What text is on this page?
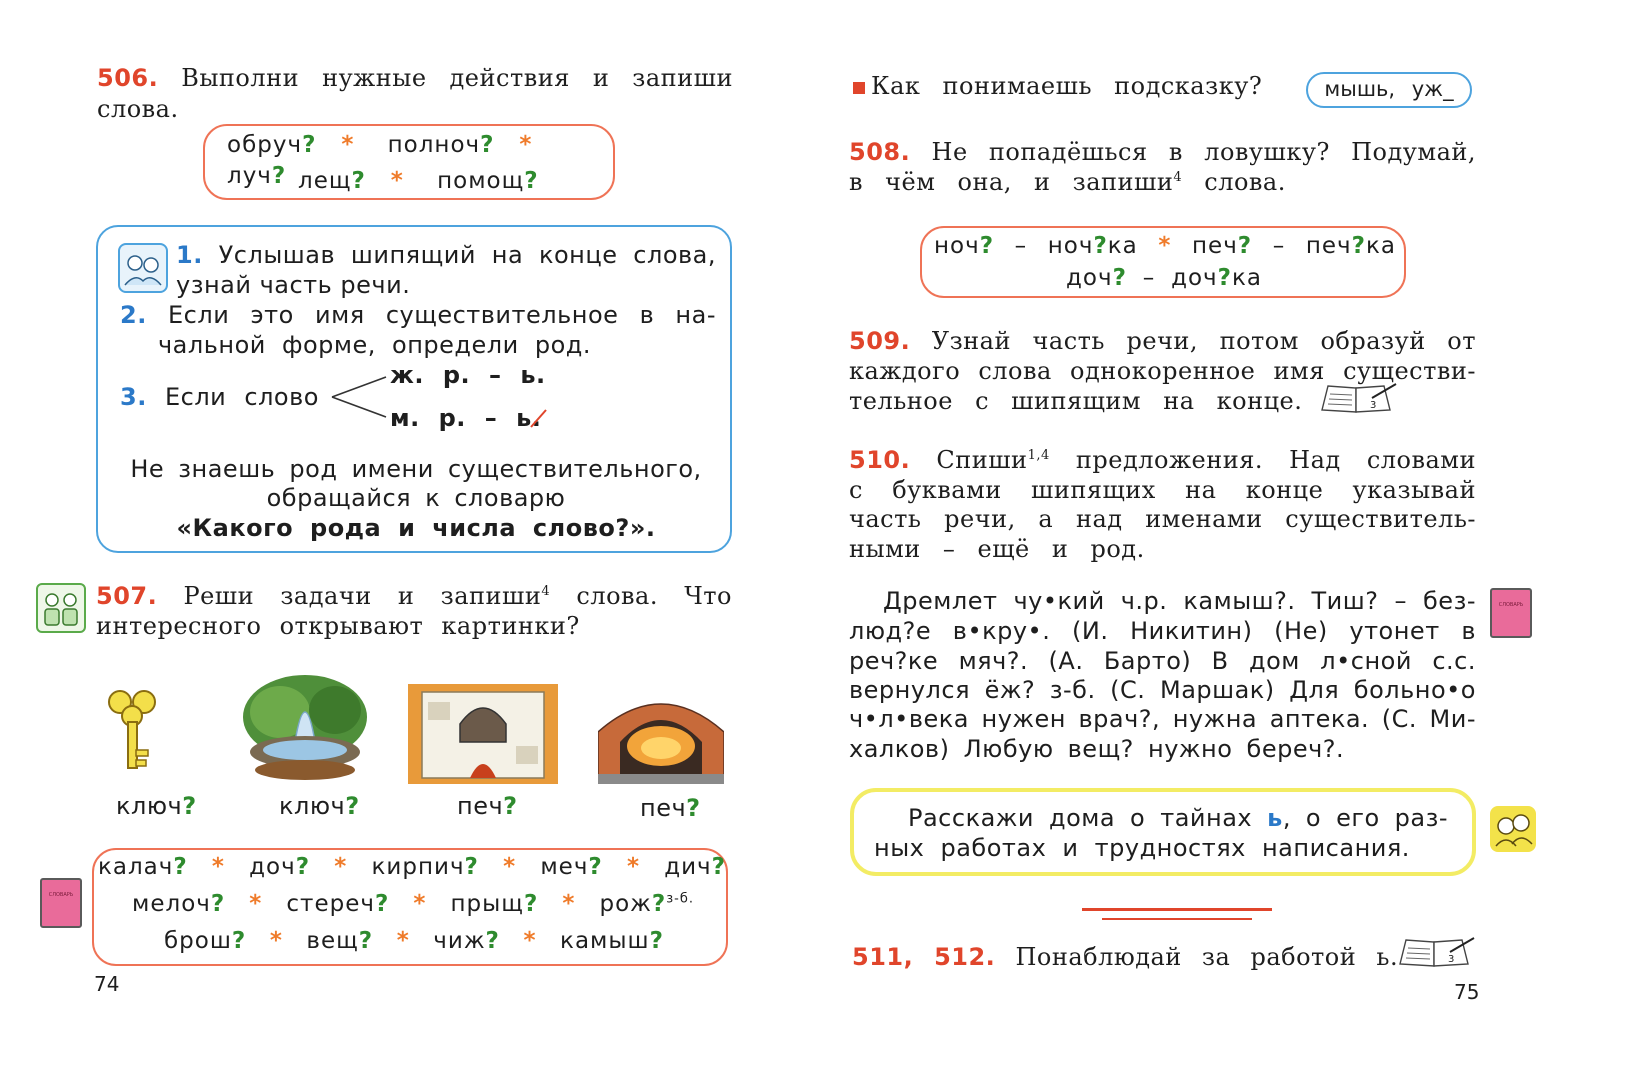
506. Выполни нужные действия и запиши
слова.
обруч? * полноч? *    луч? лещ? * помощ?
1. Услышав шипящий на конце слова,
узнай часть речи.
2. Если это имя существительное в на-
чальной форме, определи род.
3. Если слово
ж. р. – ь.
м. р. – ь.
Не знаешь род имени существительного,
обращайся к словарю
«Какого рода и числа слово?».
507. Реши задачи и запиши$^4$ слова. Что
интересного открывают картинки?
ключ?	ключ?	печ?	печ?
СЛОВАРЬ
калач? * доч? * кирпич? * меч? * дич?
мелоч? * стереч? * прыщ? * рож?$^{з-б.}$
брош? * вещ? * чиж? * камыш?
74
Как понимаешь подсказку?	мышь, уж_
508. Не попадёшься в ловушку? Подумай,
в чём она, и запиши$^4$ слова.
ноч? – ноч?ка * печ? – печ?ка
доч? – доч?ка
509. Узнай часть речи, потом образуй от
каждого слова однокоренное имя существи-
тельное с шипящим на конце.	3
510. Спиши$^{1,4}$ предложения. Над словами
с буквами шипящих на конце указывай
часть речи, а над именами существитель-
ными – ещё и род.
Дремлет чу•кий ч.р. камыш?. Тиш? – без-
люд?е в•кру•. (И. Никитин) (Не) утонет в
реч?ке мяч?. (А. Барто) В дом л•сной с.с.
вернулся ёж? з-б. (С. Маршак) Для больно•о
ч•л•века нужен врач?, нужна аптека. (С. Ми-
халков) Любую вещ? нужно береч?.
СЛОВАРЬ
Расскажи дома о тайнах ь, о его раз-
ных работах и трудностях написания.
511, 512. Понаблюдай за работой ь.	3
75
